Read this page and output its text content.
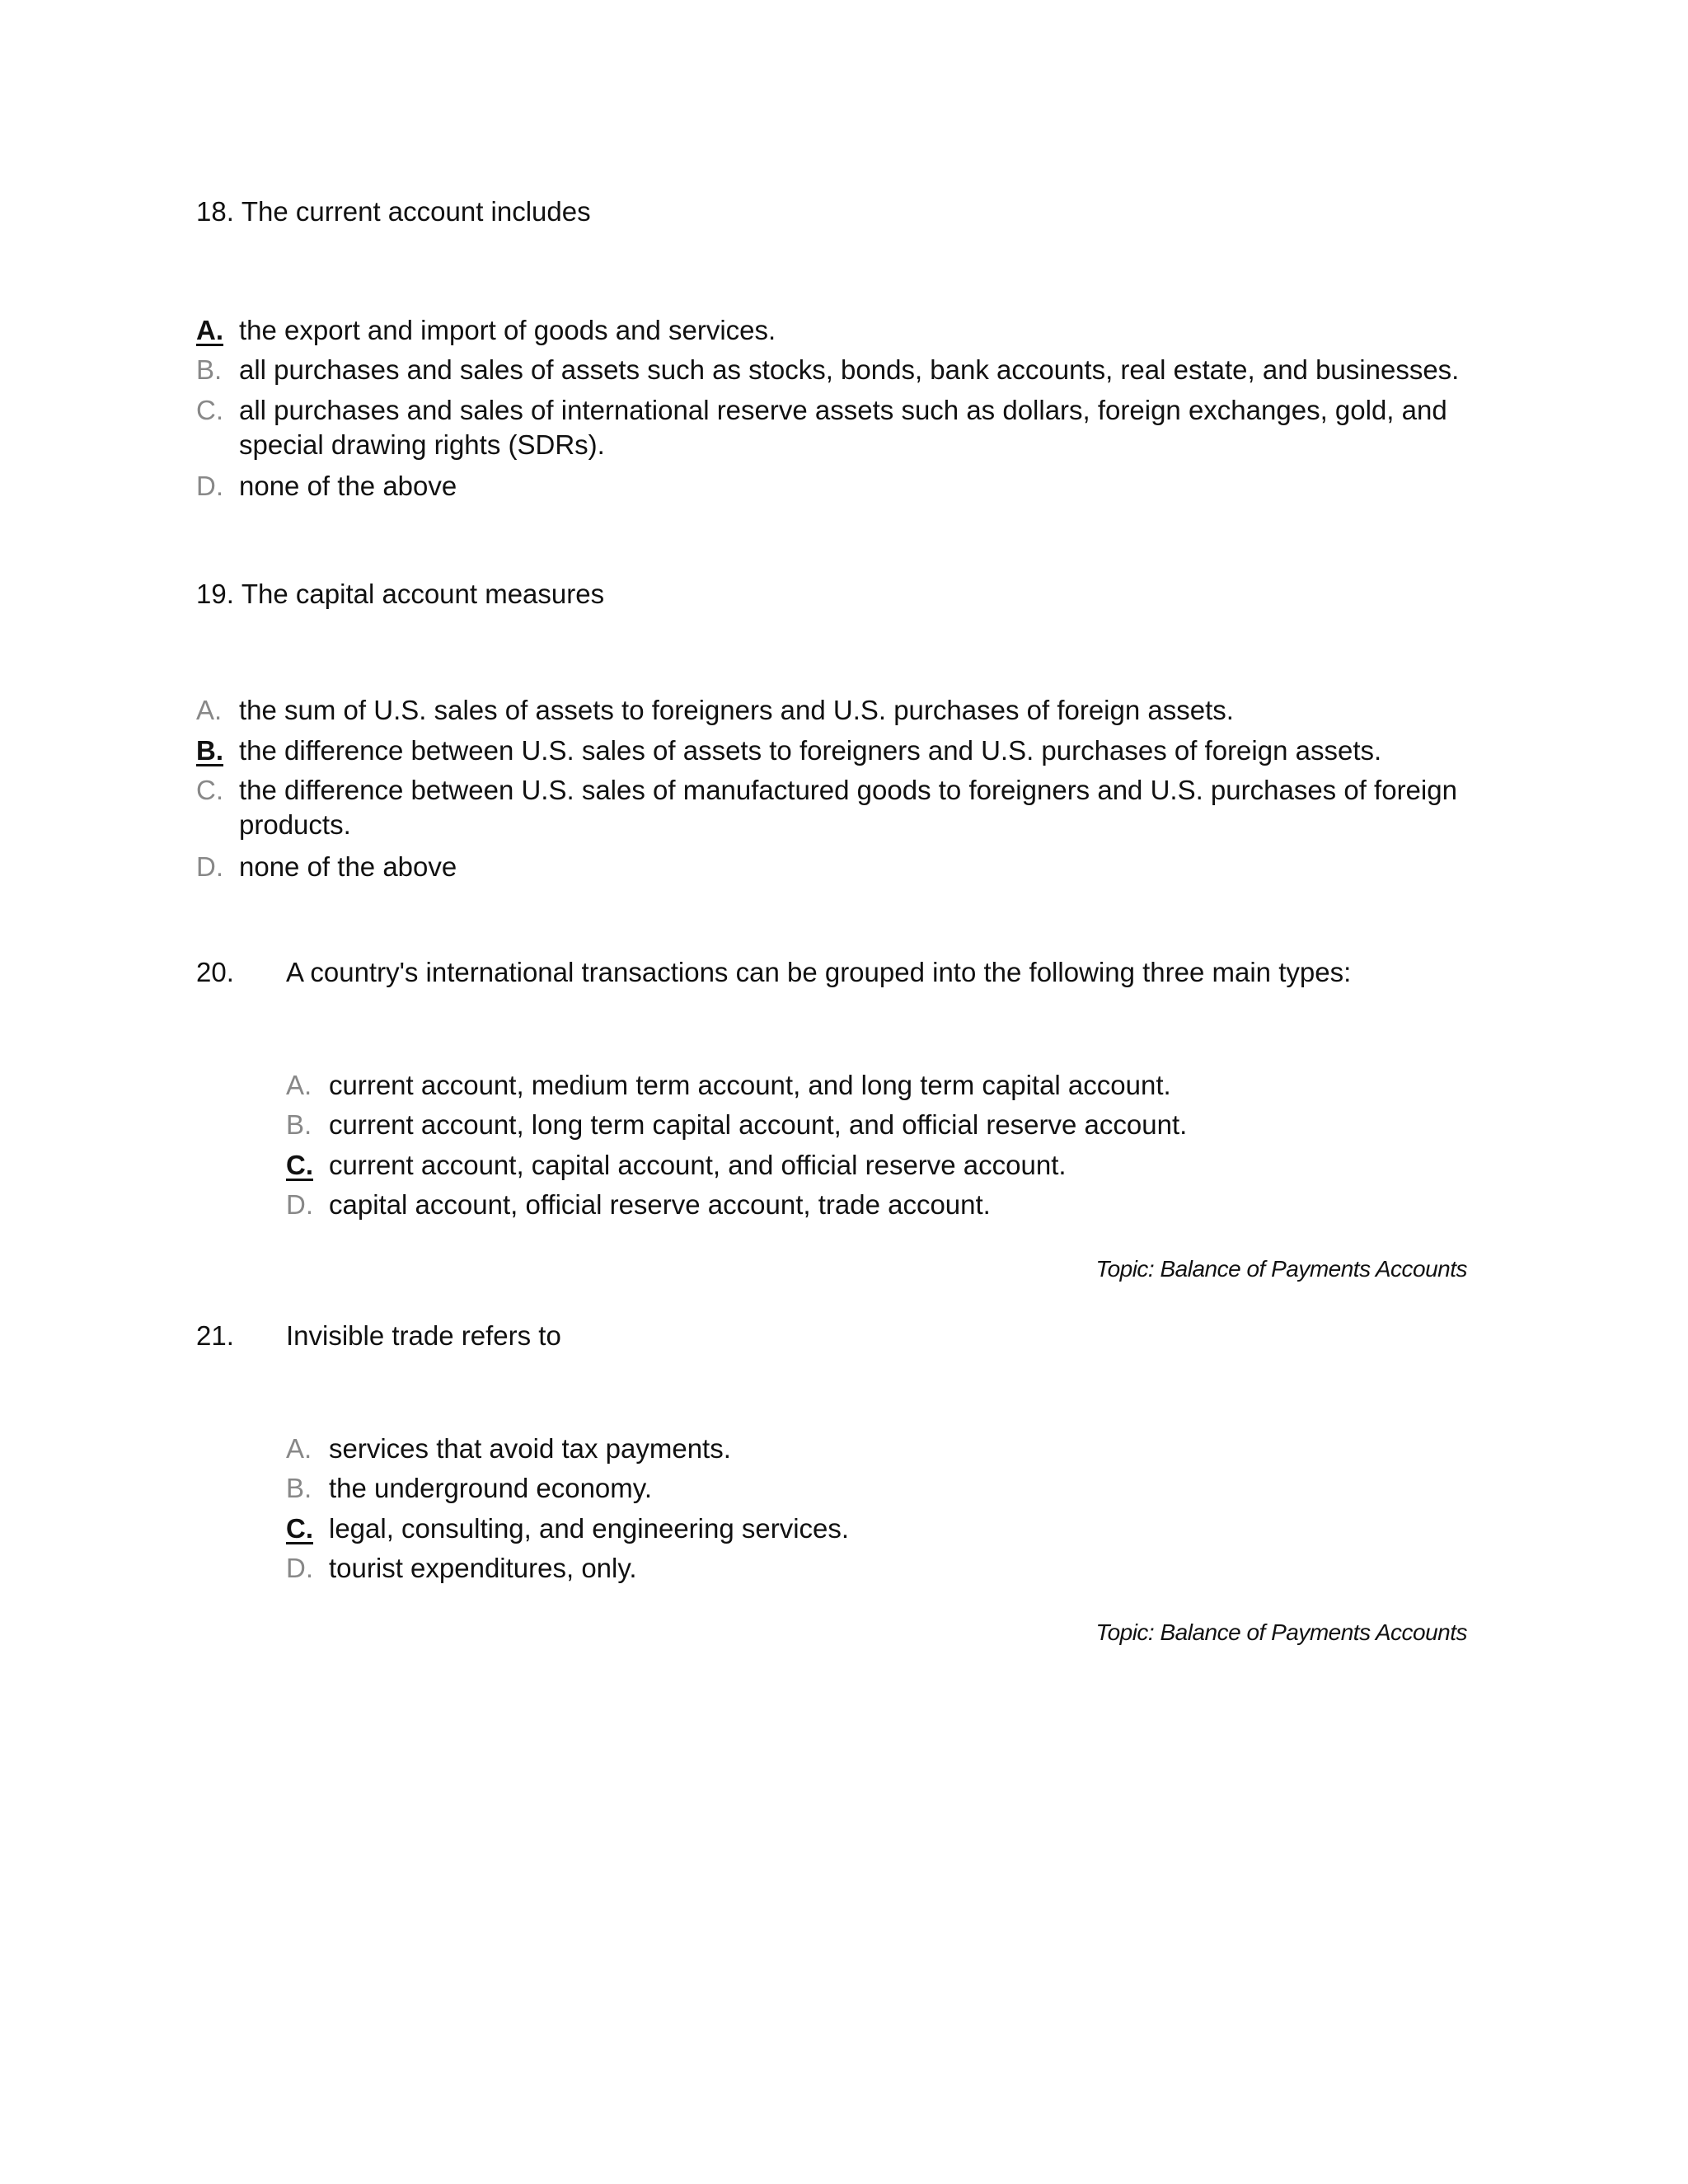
18. The current account includes
A. the export and import of goods and services.
B. all purchases and sales of assets such as stocks, bonds, bank accounts, real estate, and businesses.
C. all purchases and sales of international reserve assets such as dollars, foreign exchanges, gold, and
special drawing rights (SDRs).
D. none of the above
19. The capital account measures
A. the sum of U.S. sales of assets to foreigners and U.S. purchases of foreign assets.
B. the difference between U.S. sales of assets to foreigners and U.S. purchases of foreign assets.
C. the difference between U.S. sales of manufactured goods to foreigners and U.S. purchases of foreign
products.
D. none of the above
20. A country's international transactions can be grouped into the following three main types:
A. current account, medium term account, and long term capital account.
B. current account, long term capital account, and official reserve account.
C. current account, capital account, and official reserve account.
D. capital account, official reserve account, trade account.
Topic: Balance of Payments Accounts
21. Invisible trade refers to
A. services that avoid tax payments.
B. the underground economy.
C. legal, consulting, and engineering services.
D. tourist expenditures, only.
Topic: Balance of Payments Accounts
